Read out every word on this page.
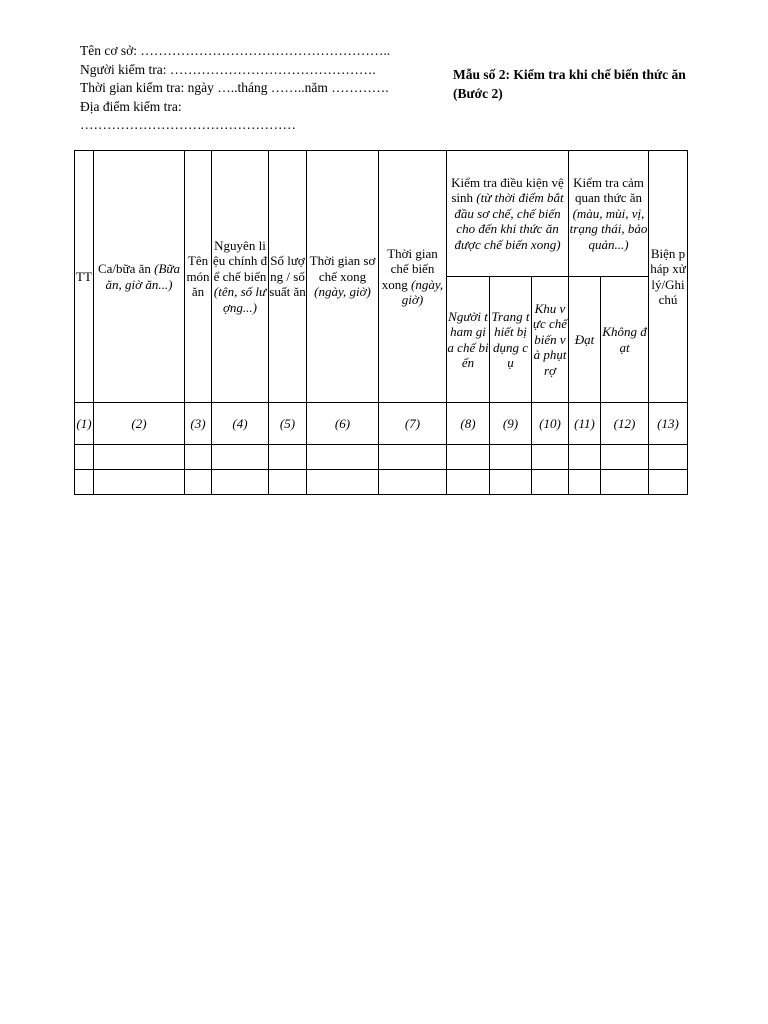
Tên cơ sở: ………………………………………………..
Người kiểm tra: ……………………………………….
Thời gian kiểm tra: ngày …..tháng ……..năm ………….
Địa điểm kiểm tra:
…………………………………………
Mẫu số 2: Kiểm tra khi chế biến thức ăn (Bước 2)
TT	Ca/bữa ăn (Bữa ăn, giờ ăn...)	Tên món ăn	Nguyên liệu chính để chế biến (tên, số lượng...)	Số lượng / số suất ăn	Thời gian sơ chế xong (ngày, giờ)	Thời gian chế biến xong (ngày, giờ)	Kiểm tra điều kiện vệ sinh (từ thời điểm bắt đầu sơ chế, chế biến cho đến khi thức ăn được chế biến xong)			Kiểm tra cảm quan thức ăn (màu, mùi, vị, trạng thái, bảo quản...)		Biện pháp xử lý/Ghi chú
							Người tham gia chế biến	Trang thiết bị dụng cụ	Khu vực chế biến và phụtrợ	Đạt	Không đạt	
(1)	(2)	(3)	(4)	(5)	(6)	(7)	(8)	(9)	(10)	(11)	(12)	(13)
